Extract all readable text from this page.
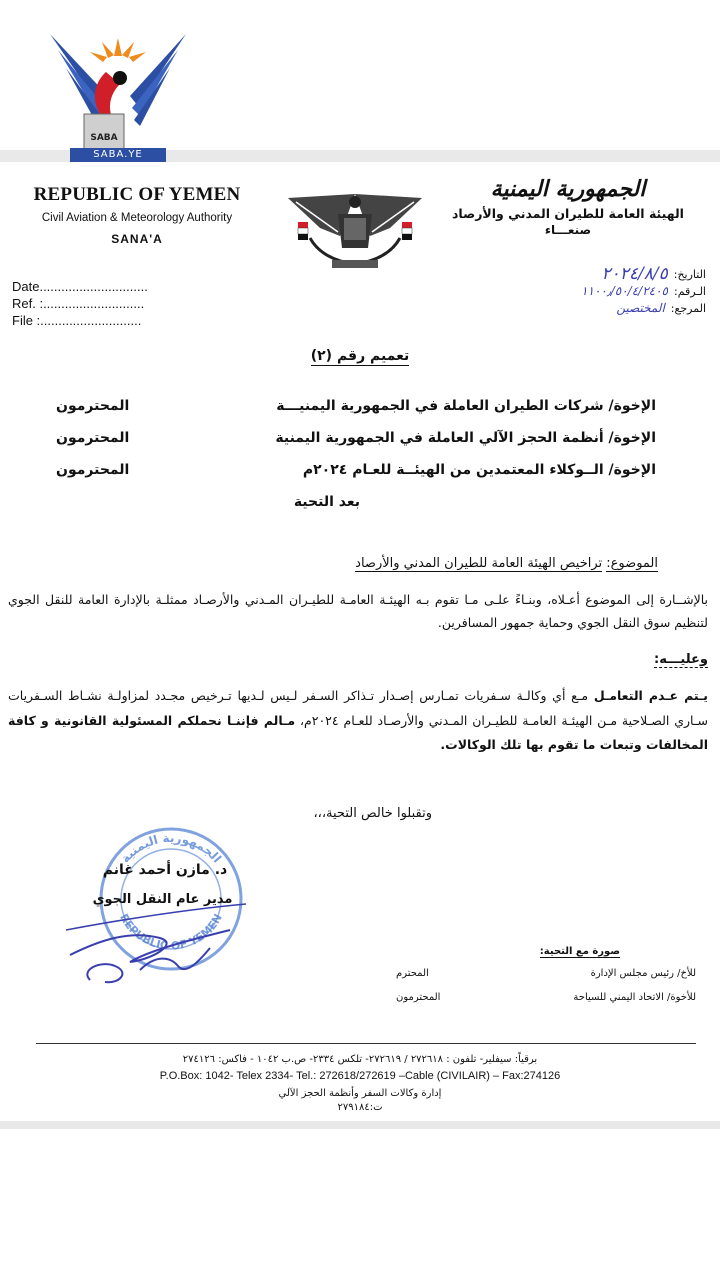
SABA
SABA.YE
REPUBLIC OF YEMEN
Civil Aviation & Meteorology Authority
SANA'A
الجمهورية اليمنية
الهيئة العامة للطيران المدني والأرصاد
صنعـــاء
Date..............................
Ref. :............................
File :............................
التاريخ:
٢٠٢٤/٨/٥
الـرقم:
١١٠٠٫/٥٠/٤/٢٤٠٥
المرجع:
المختصين
تعميم رقم (٢)
الإخوة/ شركات الطيران العاملة في الجمهورية اليمنيـــة
المحترمون
الإخوة/ أنظمة الحجز الآلي العاملة في الجمهورية اليمنية
المحترمون
الإخوة/ الــوكلاء المعتمدين من الهيئــة للعـام ٢٠٢٤م
المحترمون
بعد التحية
الموضوع: تراخيص الهيئة العامة للطيران المدني والأرصاد
بالإشــارة إلى الموضوع أعـلاه، وبنـاءً علـى مـا تقوم بـه الهيئـة العامـة للطيـران المـدني والأرصـاد ممثلـة بالإدارة العامة للنقل الجوي لتنظيم سوق النقل الجوي وحماية جمهور المسافرين.
وعليـــه:
يـتم عـدم التعامـل مـع أي وكالـة سـفريات تمـارس إصـدار تـذاكر السـفر لـيس لـديها تـرخيص مجـدد لمزاولـة نشـاط السـفريات سـاري الصـلاحية مـن الهيئـة العامـة للطيـران المـدني والأرصـاد للعـام ٢٠٢٤م، مـالم فإننـا نحملكم المسئولية القانونية و كافة المخالفات وتبعات ما تقوم بها تلك الوكالات.
وتقبلوا خالص التحية،،،
الجمهورية اليمنية
REPUBLIC OF YEMEN
د. مازن أحمد غانم
مدير عام النقل الجوي
صورة مع التحية:
للأخ/ رئيس مجلس الإدارة
المحترم
للأخوة/ الاتحاد اليمني للسياحة
المحترمون
برقياً: سيفلير- تلفون : ٢٧٢٦١٨ / ٢٧٢٦١٩- تلكس ٢٣٣٤- ص.ب ١٠٤٢ - فاكس: ٢٧٤١٢٦
P.O.Box: 1042- Telex 2334- Tel.: 272618/272619 –Cable (CIVILAIR) – Fax:274126
إدارة وكالات السفر وأنظمة الحجز الآلي
ت:٢٧٩١٨٤
